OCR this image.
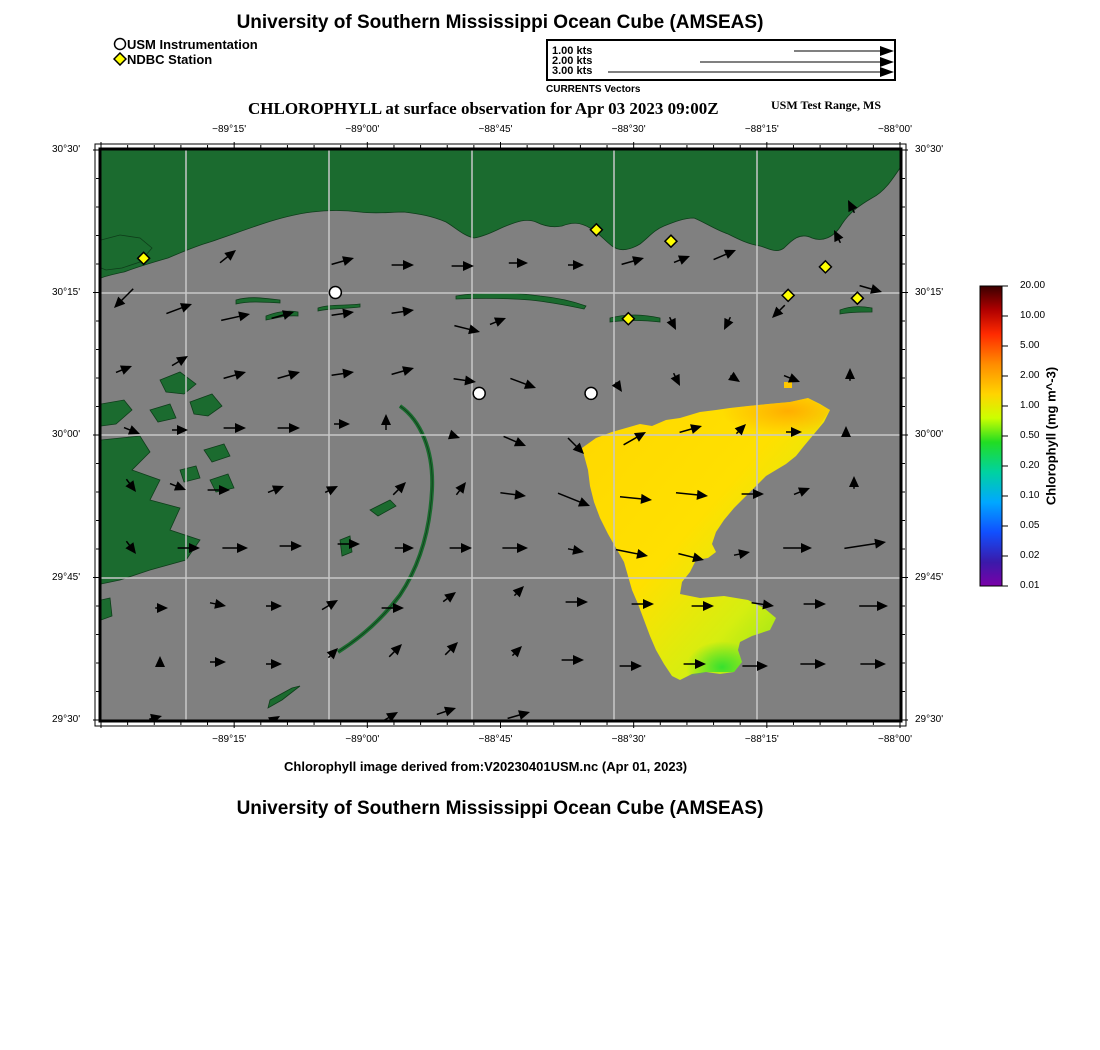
University of Southern Mississippi Ocean Cube (AMSEAS)
USM Instrumentation
NDBC Station
1.00 kts
2.00 kts
3.00 kts
CURRENTS Vectors
CHLOROPHYLL at surface observation for Apr 03 2023 09:00Z	USM Test Range, MS
−89°15'	−89°00'	−88°45'	−88°30'	−88°15'	−88°00'
−89°15'	−89°00'	−88°45'	−88°30'	−88°15'	−88°00'
30°30'
30°15'
30°00'
29°45'
29°30'
30°30'
30°15'
30°00'
29°45'
29°30'
20.00
10.00
5.00
2.00
1.00
0.50
0.20
0.10
0.05
0.02
0.01
Chlorophyll (mg m^-3)
Chlorophyll image derived from:V20230401USM.nc (Apr 01, 2023)
University of Southern Mississippi Ocean Cube (AMSEAS)
